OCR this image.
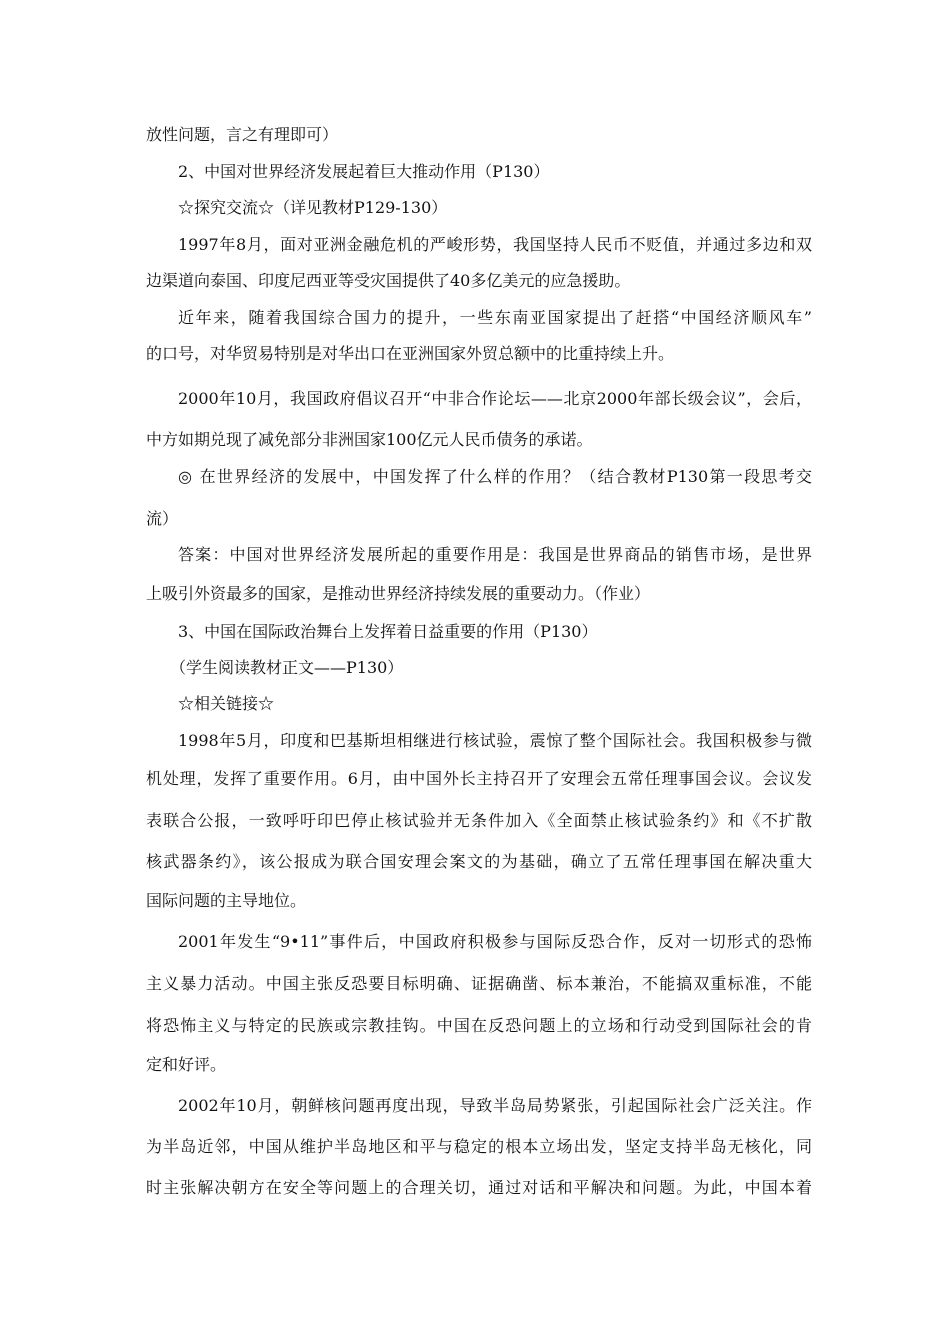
放性问题，言之有理即可）
2、中国对世界经济发展起着巨大推动作用（P130）
☆探究交流☆（详见教材P129-130）
1997年8月，面对亚洲金融危机的严峻形势，我国坚持人民币不贬值，并通过多边和双
边渠道向泰国、印度尼西亚等受灾国提供了40多亿美元的应急援助。
近年来，随着我国综合国力的提升，一些东南亚国家提出了赶搭“中国经济顺风车”
的口号，对华贸易特别是对华出口在亚洲国家外贸总额中的比重持续上升。
2000年10月，我国政府倡议召开“中非合作论坛——北京2000年部长级会议”，会后，
中方如期兑现了减免部分非洲国家100亿元人民币债务的承诺。
◎ 在世界经济的发展中，中国发挥了什么样的作用？（结合教材P130第一段思考交
流）
答案：中国对世界经济发展所起的重要作用是：我国是世界商品的销售市场，是世界
上吸引外资最多的国家，是推动世界经济持续发展的重要动力。（作业）
3、中国在国际政治舞台上发挥着日益重要的作用（P130）
（学生阅读教材正文——P130）
☆相关链接☆
1998年5月，印度和巴基斯坦相继进行核试验，震惊了整个国际社会。我国积极参与微
机处理，发挥了重要作用。6月，由中国外长主持召开了安理会五常任理事国会议。会议发
表联合公报，一致呼吁印巴停止核试验并无条件加入《全面禁止核试验条约》和《不扩散
核武器条约》，该公报成为联合国安理会案文的为基础，确立了五常任理事国在解决重大
国际问题的主导地位。
2001年发生“9•11”事件后，中国政府积极参与国际反恐合作，反对一切形式的恐怖
主义暴力活动。中国主张反恐要目标明确、证据确凿、标本兼治，不能搞双重标准，不能
将恐怖主义与特定的民族或宗教挂钩。中国在反恐问题上的立场和行动受到国际社会的肯
定和好评。
2002年10月，朝鲜核问题再度出现，导致半岛局势紧张，引起国际社会广泛关注。作
为半岛近邻，中国从维护半岛地区和平与稳定的根本立场出发，坚定支持半岛无核化，同
时主张解决朝方在安全等问题上的合理关切，通过对话和平解决和问题。为此，中国本着
